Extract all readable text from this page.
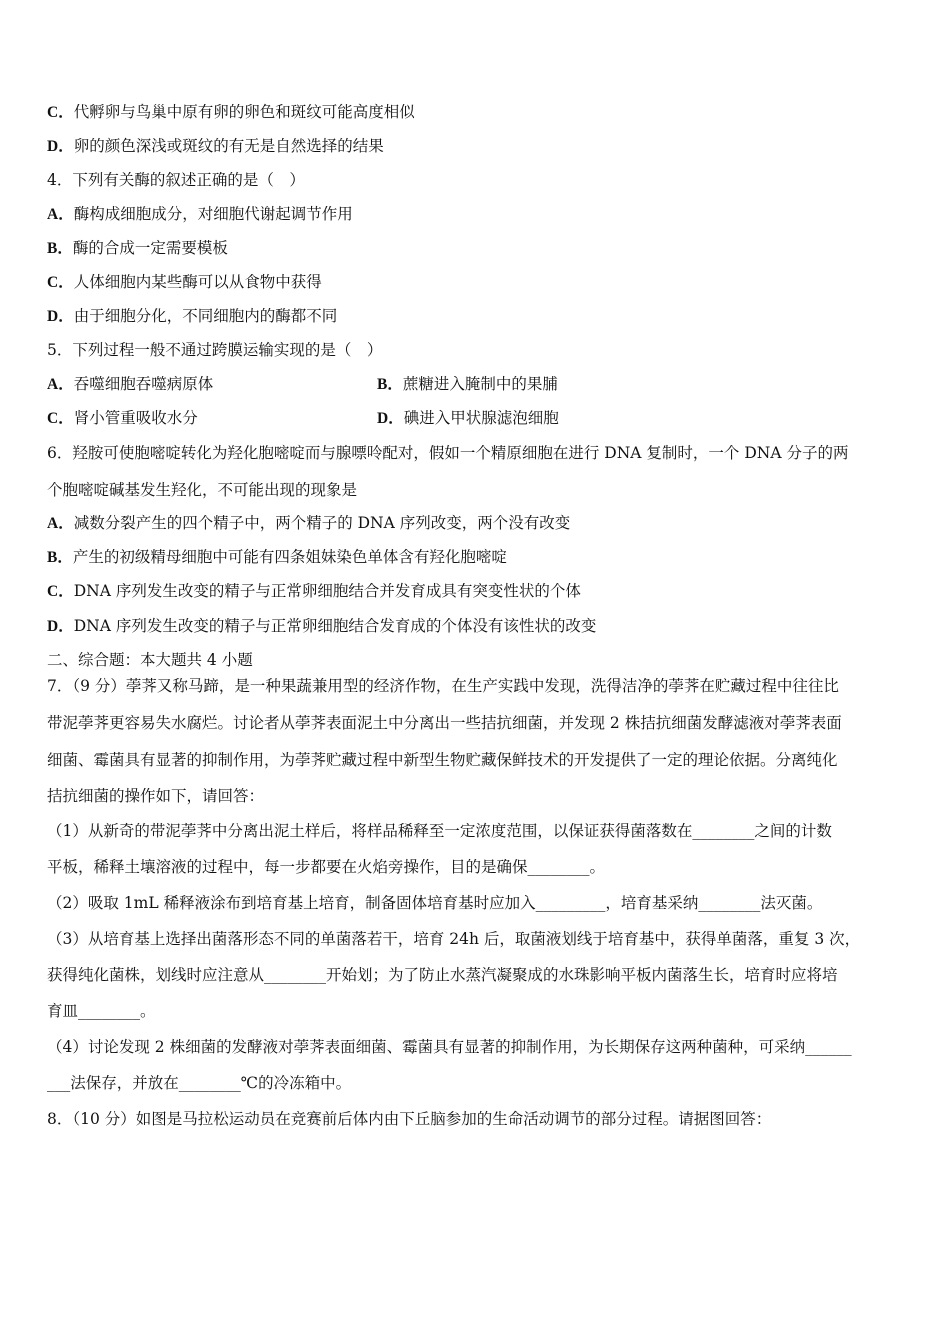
C．代孵卵与鸟巢中原有卵的卵色和斑纹可能高度相似
D．卵的颜色深浅或斑纹的有无是自然选择的结果
4．下列有关酶的叙述正确的是（　）
A．酶构成细胞成分，对细胞代谢起调节作用
B．酶的合成一定需要模板
C．人体细胞内某些酶可以从食物中获得
D．由于细胞分化，不同细胞内的酶都不同
5．下列过程一般不通过跨膜运输实现的是（　）
A．吞噬细胞吞噬病原体	B．蔗糖进入腌制中的果脯
C．肾小管重吸收水分	D．碘进入甲状腺滤泡细胞
6．羟胺可使胞嘧啶转化为羟化胞嘧啶而与腺嘌呤配对，假如一个精原细胞在进行 DNA 复制时，一个 DNA 分子的两
个胞嘧啶碱基发生羟化，不可能出现的现象是
A．减数分裂产生的四个精子中，两个精子的 DNA 序列改变，两个没有改变
B．产生的初级精母细胞中可能有四条姐妹染色单体含有羟化胞嘧啶
C．DNA 序列发生改变的精子与正常卵细胞结合并发育成具有突变性状的个体
D．DNA 序列发生改变的精子与正常卵细胞结合发育成的个体没有该性状的改变
二、综合题：本大题共 4 小题
7．（9 分）荸荠又称马蹄，是一种果蔬兼用型的经济作物，在生产实践中发现，洗得洁净的荸荠在贮藏过程中往往比
带泥荸荠更容易失水腐烂。讨论者从荸荠表面泥土中分离出一些拮抗细菌，并发现 2 株拮抗细菌发酵滤液对荸荠表面
细菌、霉菌具有显著的抑制作用，为荸荠贮藏过程中新型生物贮藏保鲜技术的开发提供了一定的理论依据。分离纯化
拮抗细菌的操作如下，请回答：
（1）从新奇的带泥荸荠中分离出泥土样后，将样品稀释至一定浓度范围，以保证获得菌落数在________之间的计数
平板，稀释土壤溶液的过程中，每一步都要在火焰旁操作，目的是确保________。
（2）吸取 1mL 稀释液涂布到培育基上培育，制备固体培育基时应加入_________，培育基采纳________法灭菌。
（3）从培育基上选择出菌落形态不同的单菌落若干，培育 24h 后，取菌液划线于培育基中，获得单菌落，重复 3 次，
获得纯化菌株，划线时应注意从________开始划；为了防止水蒸汽凝聚成的水珠影响平板内菌落生长，培育时应将培
育皿________。
（4）讨论发现 2 株细菌的发酵液对荸荠表面细菌、霉菌具有显著的抑制作用，为长期保存这两种菌种，可采纳______
___法保存，并放在________℃的冷冻箱中。
8．（10 分）如图是马拉松运动员在竞赛前后体内由下丘脑参加的生命活动调节的部分过程。请据图回答：
